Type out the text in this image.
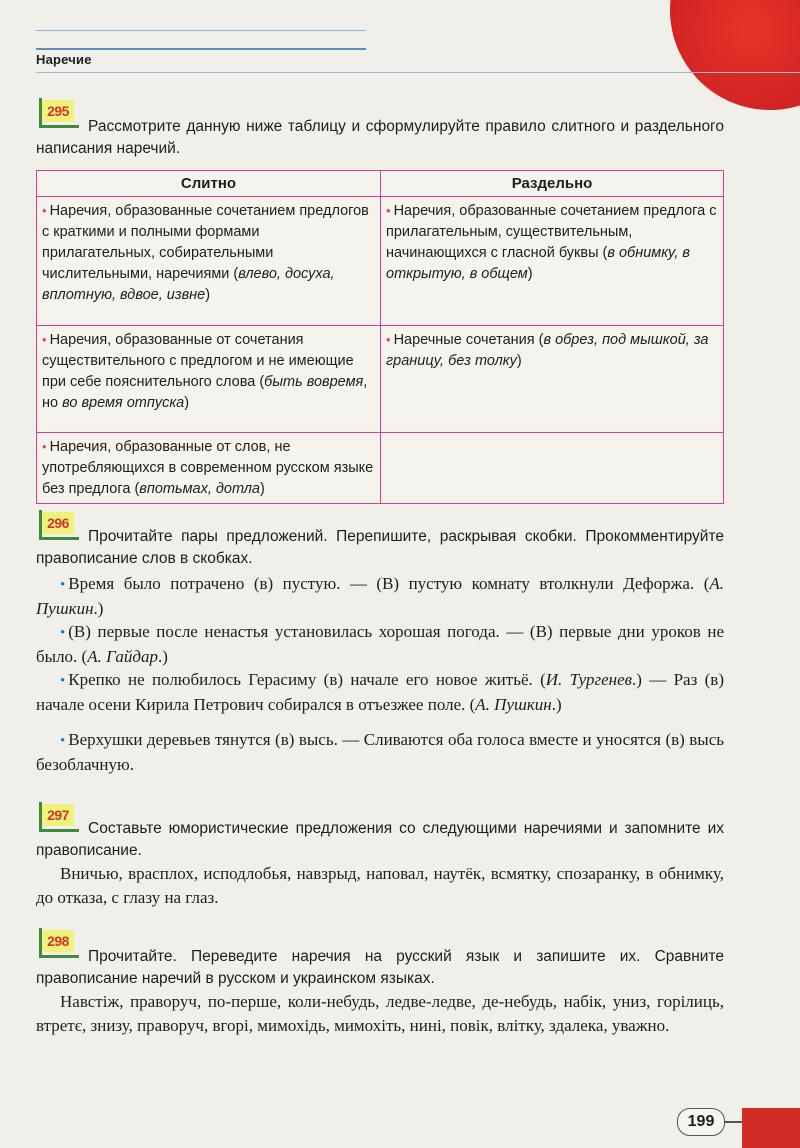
Наречие
295
Рассмотрите данную ниже таблицу и сформулируйте правило слитного и раздельного написания наречий.
Слитно	Раздельно
• Наречия, образованные сочетанием предлогов с краткими и полными формами прилагательных, собирательными числительными, наречиями (влево, досуха, вплотную, вдвое, извне)	• Наречия, образованные сочетанием предлога с прилагательным, существительным, начинающихся с гласной буквы (в обнимку, в открытую, в общем)
• Наречия, образованные от сочетания существительного с предлогом и не имеющие при себе пояснительного слова (быть вовремя, но во время отпуска)	• Наречные сочетания (в обрез, под мышкой, за границу, без толку)
• Наречия, образованные от слов, не употребляющихся в современном русском языке без предлога (впотьмах, дотла)	
296
Прочитайте пары предложений. Перепишите, раскрывая скобки. Прокомментируйте правописание слов в скобках.
• Время было потрачено (в) пустую. — (В) пустую комнату втолкнули Дефоржа. (А. Пушкин.)
• (В) первые после ненастья установилась хорошая погода. — (В) первые дни уроков не было. (А. Гайдар.)
• Крепко не полюбилось Герасиму (в) начале его новое житьё. (И. Тургенев.) — Раз (в) начале осени Кирила Петрович собирался в отъезжее поле. (А. Пушкин.)
• Верхушки деревьев тянутся (в) высь. — Сливаются оба голоса вместе и уносятся (в) высь безоблачную.
297
Составьте юмористические предложения со следующими наречиями и запомните их правописание.
Вничью, врасплох, исподлобья, навзрыд, наповал, наутёк, всмятку, спозаранку, в обнимку, до отказа, с глазу на глаз.
298
Прочитайте. Переведите наречия на русский язык и запишите их. Сравните правописание наречий в русском и украинском языках.
Навстіж, праворуч, по-перше, коли-небудь, ледве-ледве, де-небудь, набік, униз, горілиць, втретє, знизу, праворуч, вгорі, мимохідь, мимохіть, нині, повік, влітку, здалека, уважно.
199
